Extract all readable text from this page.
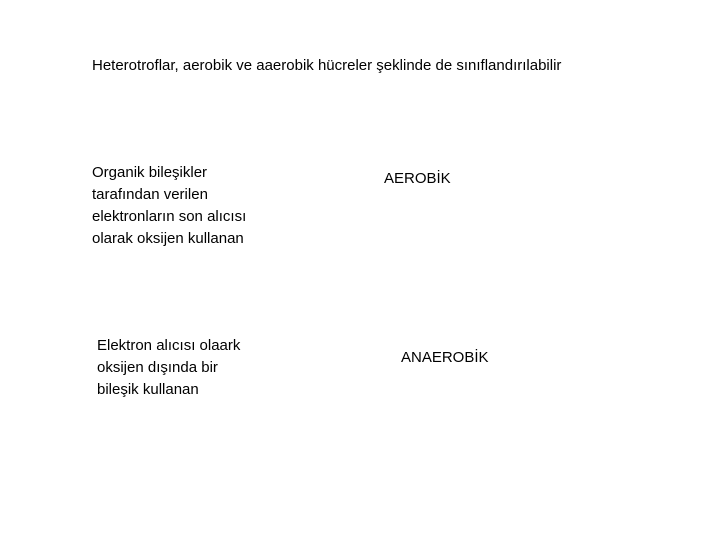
Heterotroflar, aerobik ve aaerobik hücreler şeklinde de sınıflandırılabilir

Organik bileşikler
tarafından verilen
elektronların son alıcısı
olarak oksijen kullanan

AEROBİK

Elektron alıcısı olaark
oksijen dışında bir
bileşik kullanan

ANAEROBİK
